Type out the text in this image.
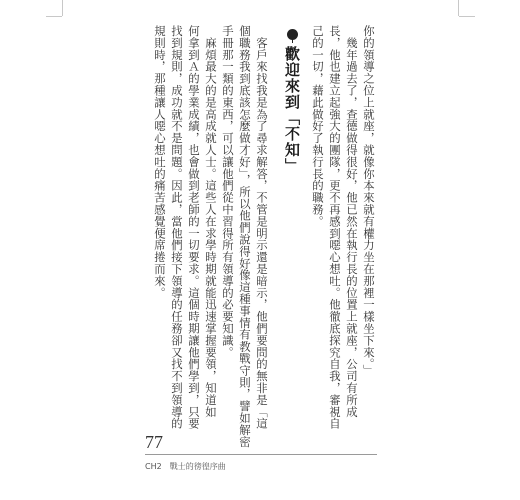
你的領導之位上就座，就像你本來就有權力坐在那裡一樣坐下來。」
　幾年過去了，查德做得很好，他已然在執行長的位置上就座，公司有所成
長，他也建立起強大的團隊，更不再感到噁心想吐。他徹底探究自我，審視自
己的一切，藉此做好了執行長的職務。
歡迎來到「不知」
　客戶來找我是為了尋求解答，不管是明示還是暗示，他們要問的無非是「這
個職務我到底該怎麼做才好」，所以他們說得好像這種事情有教戰守則，譬如解密
手冊那一類的東西，可以讓他們從中習得所有領導的必要知識。
　麻煩最大的是高成就人士。這些人在求學時期就能迅速掌握要領，知道如
何拿到Ａ的學業成績，也會做到老師的一切要求。這個時期讓他們學到，只要
找到規則，成功就不是問題。因此，當他們接下領導的任務卻又找不到領導的
規則時，那種讓人噁心想吐的痛苦感覺便席捲而來。
77
CH2　戰士的徬徨序曲
